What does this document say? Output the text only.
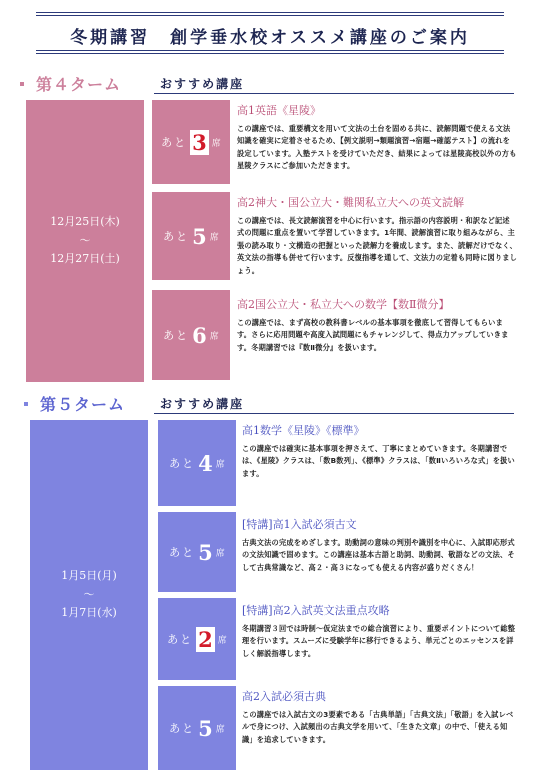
冬期講習　創学垂水校オススメ講座のご案内
第４ターム	おすすめ講座
12月25日(木)
〜
12月27日(土)
あと 3 席
高1英語《星陵》

この講座では、重要構文を用いて文法の土台を固める共に、読解問題で使える文法知識を確実に定着させるため、【例文説明→類題演習→宿題→確認テスト】の流れを設定しています。入塾テストを受けていただき、結果によっては星陵高校以外の方も星陵クラスにご参加いただきます。

あと 5 席
高2神大・国公立大・難関私立大への英文読解

この講座では、長文読解演習を中心に行います。指示語の内容説明・和訳など記述式の問題に重点を置いて学習していきます。1年間、読解演習に取り組みながら、主張の読み取り・文構造の把握といった読解力を養成します。また、読解だけでなく、英文法の指導も併せて行います。反復指導を通して、文法力の定着も同時に図りましょう。

あと 6 席
高2国公立大・私立大への数学【数Ⅱ微分】

この講座では、まず高校の教科書レベルの基本事項を徹底して習得してもらいます。さらに応用問題や高度入試問題にもチャレンジして、得点力アップしていきます。冬期講習では『数Ⅱ微分』を扱います。

第５ターム	おすすめ講座
1月5日(月)
〜
1月7日(水)
あと 4 席
高1数学《星陵》《標準》

この講座では確実に基本事項を押さえて、丁寧にまとめていきます。冬期講習では、《星陵》クラスは、「数B数列」、《標準》クラスは、「数Ⅱいろいろな式」を扱います。

あと 5 席
[特講]高1入試必須古文

古典文法の完成をめざします。助動詞の意味の判別や識別を中心に、入試即応形式の文法知識で固めます。この講座は基本古語と助詞、助動詞、敬語などの文法、そして古典常識など、高２・高３になっても使える内容が盛りだくさん！

あと 2 席
[特講]高2入試英文法重点攻略

冬期講習３回では時制〜仮定法までの総合演習により、重要ポイントについて総整理を行います。スムーズに受験学年に移行できるよう、単元ごとのエッセンスを詳しく解説指導します。

あと 5 席
高2入試必須古典

この講座では入試古文の3要素である「古典単語」「古典文法」「敬語」を入試レベルで身につけ、入試頻出の古典文学を用いて、「生きた文章」の中で、「使える知識」を追求していきます。
